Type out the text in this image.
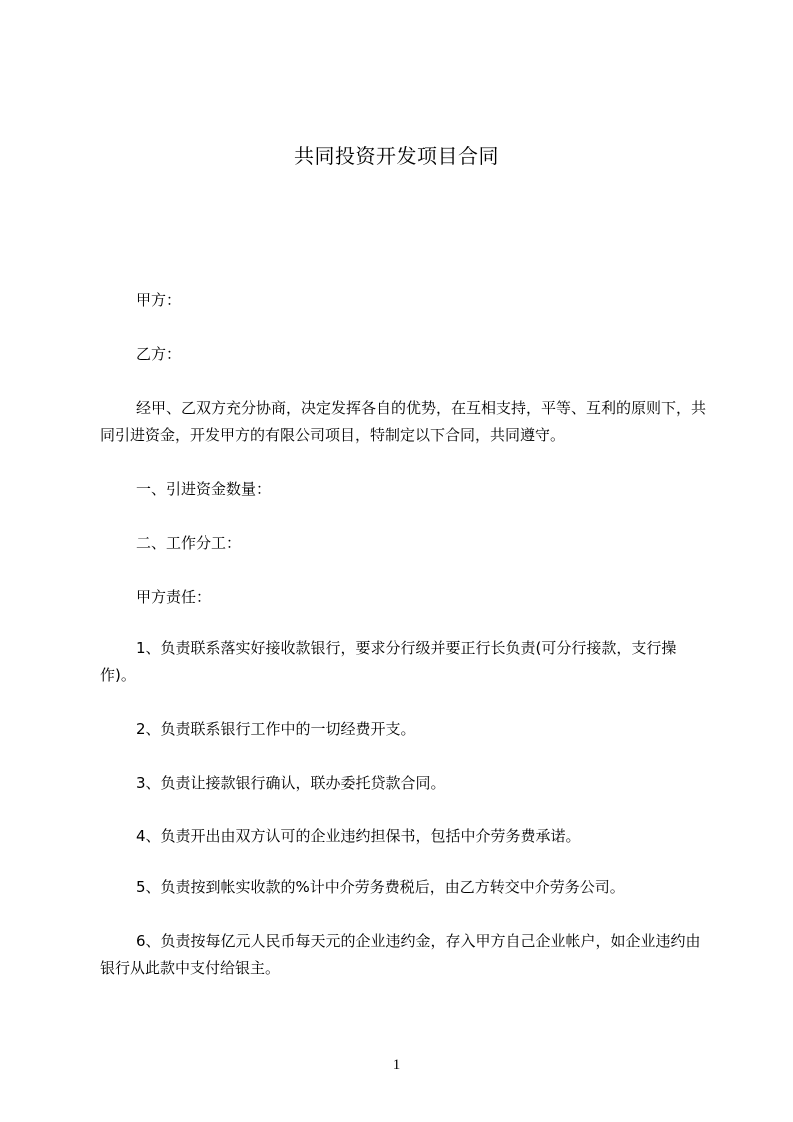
共同投资开发项目合同

甲方：

乙方：

经甲、乙双方充分协商，决定发挥各自的优势，在互相支持，平等、互利的原则下，共同引进资金，开发甲方的有限公司项目，特制定以下合同，共同遵守。

一、引进资金数量：

二、工作分工：

甲方责任：

1、负责联系落实好接收款银行，要求分行级并要正行长负责(可分行接款，支行操作)。

2、负责联系银行工作中的一切经费开支。

3、负责让接款银行确认，联办委托贷款合同。

4、负责开出由双方认可的企业违约担保书，包括中介劳务费承诺。

5、负责按到帐实收款的%计中介劳务费税后，由乙方转交中介劳务公司。

6、负责按每亿元人民币每天元的企业违约金，存入甲方自己企业帐户，如企业违约由银行从此款中支付给银主。

1
